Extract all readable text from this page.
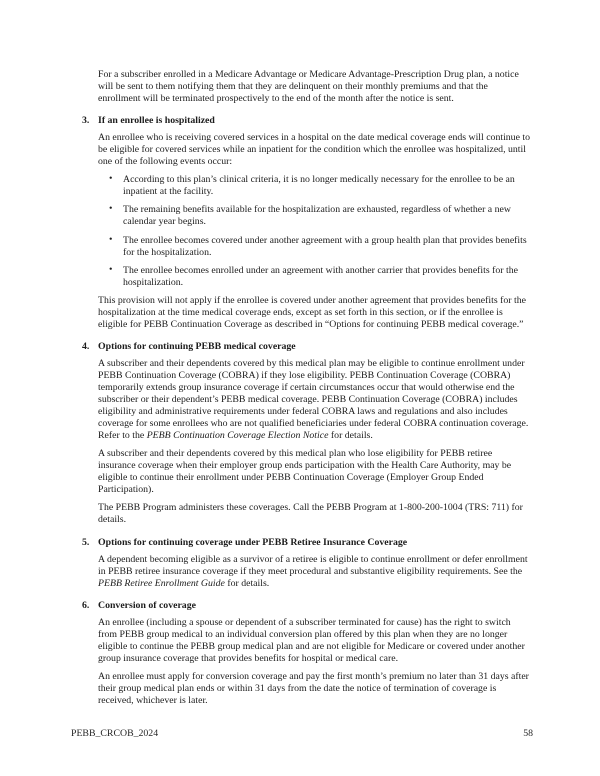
For a subscriber enrolled in a Medicare Advantage or Medicare Advantage-Prescription Drug plan, a notice will be sent to them notifying them that they are delinquent on their monthly premiums and that the enrollment will be terminated prospectively to the end of the month after the notice is sent.

3. If an enrollee is hospitalized

An enrollee who is receiving covered services in a hospital on the date medical coverage ends will continue to be eligible for covered services while an inpatient for the condition which the enrollee was hospitalized, until one of the following events occur:

• According to this plan’s clinical criteria, it is no longer medically necessary for the enrollee to be an inpatient at the facility.
• The remaining benefits available for the hospitalization are exhausted, regardless of whether a new calendar year begins.
• The enrollee becomes covered under another agreement with a group health plan that provides benefits for the hospitalization.
• The enrollee becomes enrolled under an agreement with another carrier that provides benefits for the hospitalization.

This provision will not apply if the enrollee is covered under another agreement that provides benefits for the hospitalization at the time medical coverage ends, except as set forth in this section, or if the enrollee is eligible for PEBB Continuation Coverage as described in “Options for continuing PEBB medical coverage.”

4. Options for continuing PEBB medical coverage

A subscriber and their dependents covered by this medical plan may be eligible to continue enrollment under PEBB Continuation Coverage (COBRA) if they lose eligibility. PEBB Continuation Coverage (COBRA) temporarily extends group insurance coverage if certain circumstances occur that would otherwise end the subscriber or their dependent’s PEBB medical coverage. PEBB Continuation Coverage (COBRA) includes eligibility and administrative requirements under federal COBRA laws and regulations and also includes coverage for some enrollees who are not qualified beneficiaries under federal COBRA continuation coverage.  Refer to the PEBB Continuation Coverage Election Notice for details.

A subscriber and their dependents covered by this medical plan who lose eligibility for PEBB retiree insurance coverage when their employer group ends participation with the Health Care Authority, may be eligible to continue their enrollment under PEBB Continuation Coverage (Employer Group Ended Participation).

The PEBB Program administers these coverages. Call the PEBB Program at 1-800-200-1004 (TRS: 711) for details.

5. Options for continuing coverage under PEBB Retiree Insurance Coverage

A dependent becoming eligible as a survivor of a retiree is eligible to continue enrollment or defer enrollment in PEBB retiree insurance coverage if they meet procedural and substantive eligibility requirements. See the PEBB Retiree Enrollment Guide for details.

6. Conversion of coverage

An enrollee (including a spouse or dependent of a subscriber terminated for cause) has the right to switch from PEBB group medical to an individual conversion plan offered by this plan when they are no longer eligible to continue the PEBB group medical plan and are not eligible for Medicare or covered under another group insurance coverage that provides benefits for hospital or medical care.

An enrollee must apply for conversion coverage and pay the first month’s premium no later than 31 days after their group medical plan ends or within 31 days from the date the notice of termination of coverage is received, whichever is later.

PEBB_CRCOB_2024	58
